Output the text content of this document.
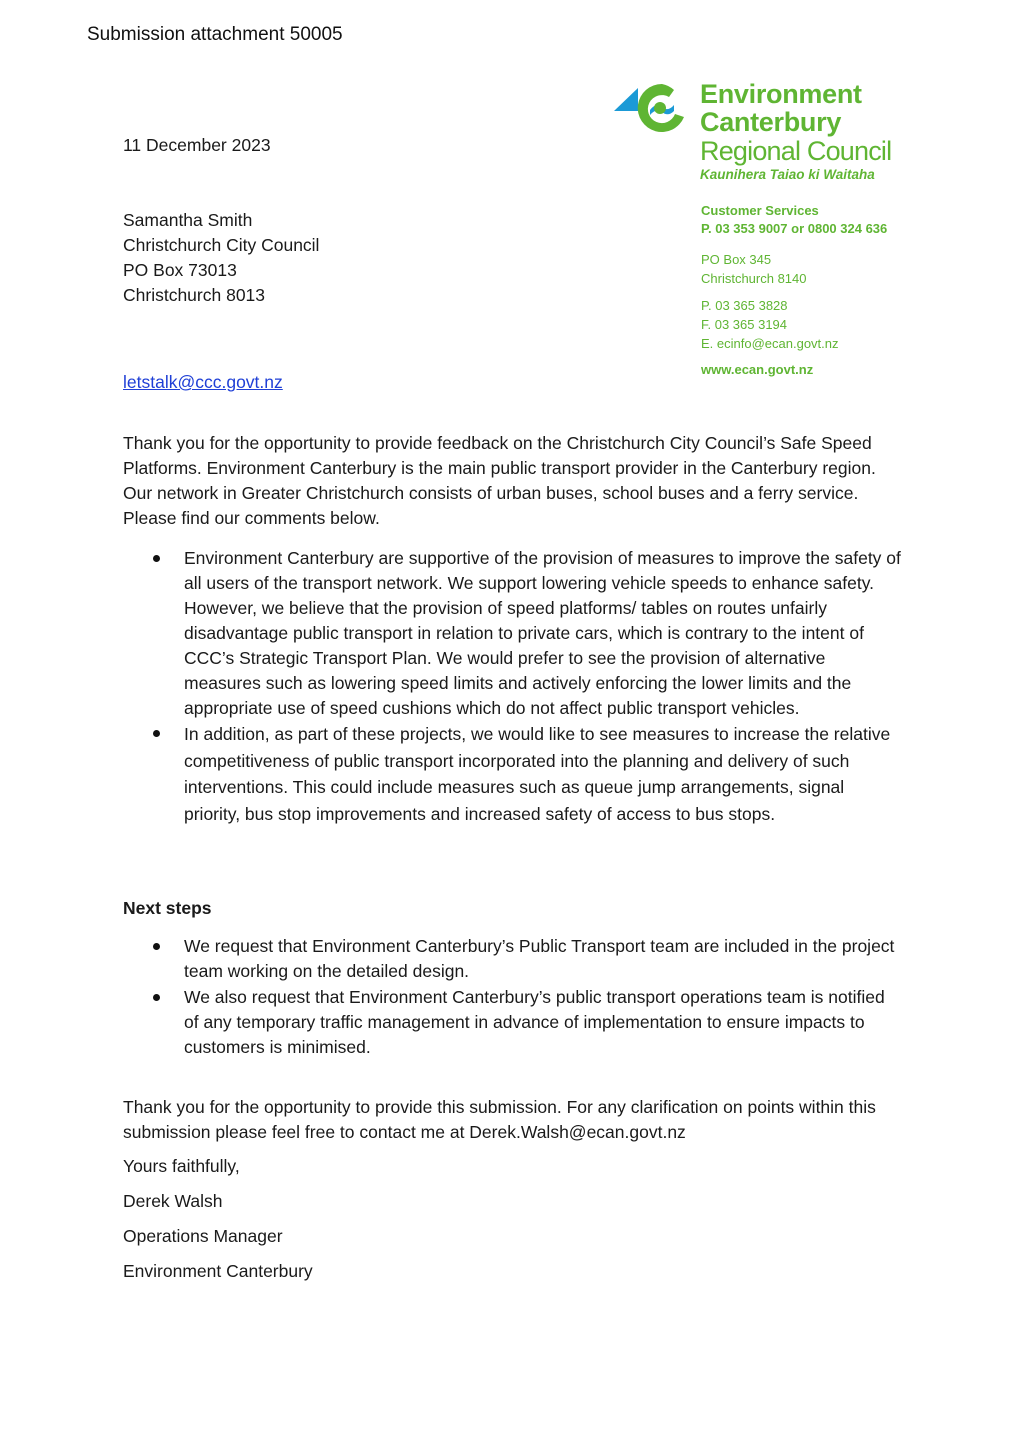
Submission attachment 50005
Environment
Canterbury
Regional Council
Kaunihera Taiao ki Waitaha
Customer Services
P. 03 353 9007 or 0800 324 636
PO Box 345
Christchurch 8140
P. 03 365 3828
F. 03 365 3194
E. ecinfo@ecan.govt.nz
www.ecan.govt.nz
11 December 2023
Samantha Smith
Christchurch City Council
PO Box 73013
Christchurch 8013
letstalk@ccc.govt.nz
Thank you for the opportunity to provide feedback on the Christchurch City Council’s Safe Speed Platforms. Environment Canterbury is the main public transport provider in the Canterbury region. Our network in Greater Christchurch consists of urban buses, school buses and a ferry service. Please find our comments below.
Environment Canterbury are supportive of the provision of measures to improve the safety of all users of the transport network. We support lowering vehicle speeds to enhance safety. However, we believe that the provision of speed platforms/ tables on routes unfairly disadvantage public transport in relation to private cars, which is contrary to the intent of CCC’s Strategic Transport Plan. We would prefer to see the provision of alternative measures such as lowering speed limits and actively enforcing the lower limits and the appropriate use of speed cushions which do not affect public transport vehicles.
In addition, as part of these projects, we would like to see measures to increase the relative competitiveness of public transport incorporated into the planning and delivery of such interventions. This could include measures such as queue jump arrangements, signal priority, bus stop improvements and increased safety of access to bus stops.
Next steps
We request that Environment Canterbury’s Public Transport team are included in the project team working on the detailed design.
We also request that Environment Canterbury’s public transport operations team is notified of any temporary traffic management in advance of implementation to ensure impacts to customers is minimised.
Thank you for the opportunity to provide this submission. For any clarification on points within this submission please feel free to contact me at Derek.Walsh@ecan.govt.nz
Yours faithfully,
Derek Walsh
Operations Manager
Environment Canterbury
